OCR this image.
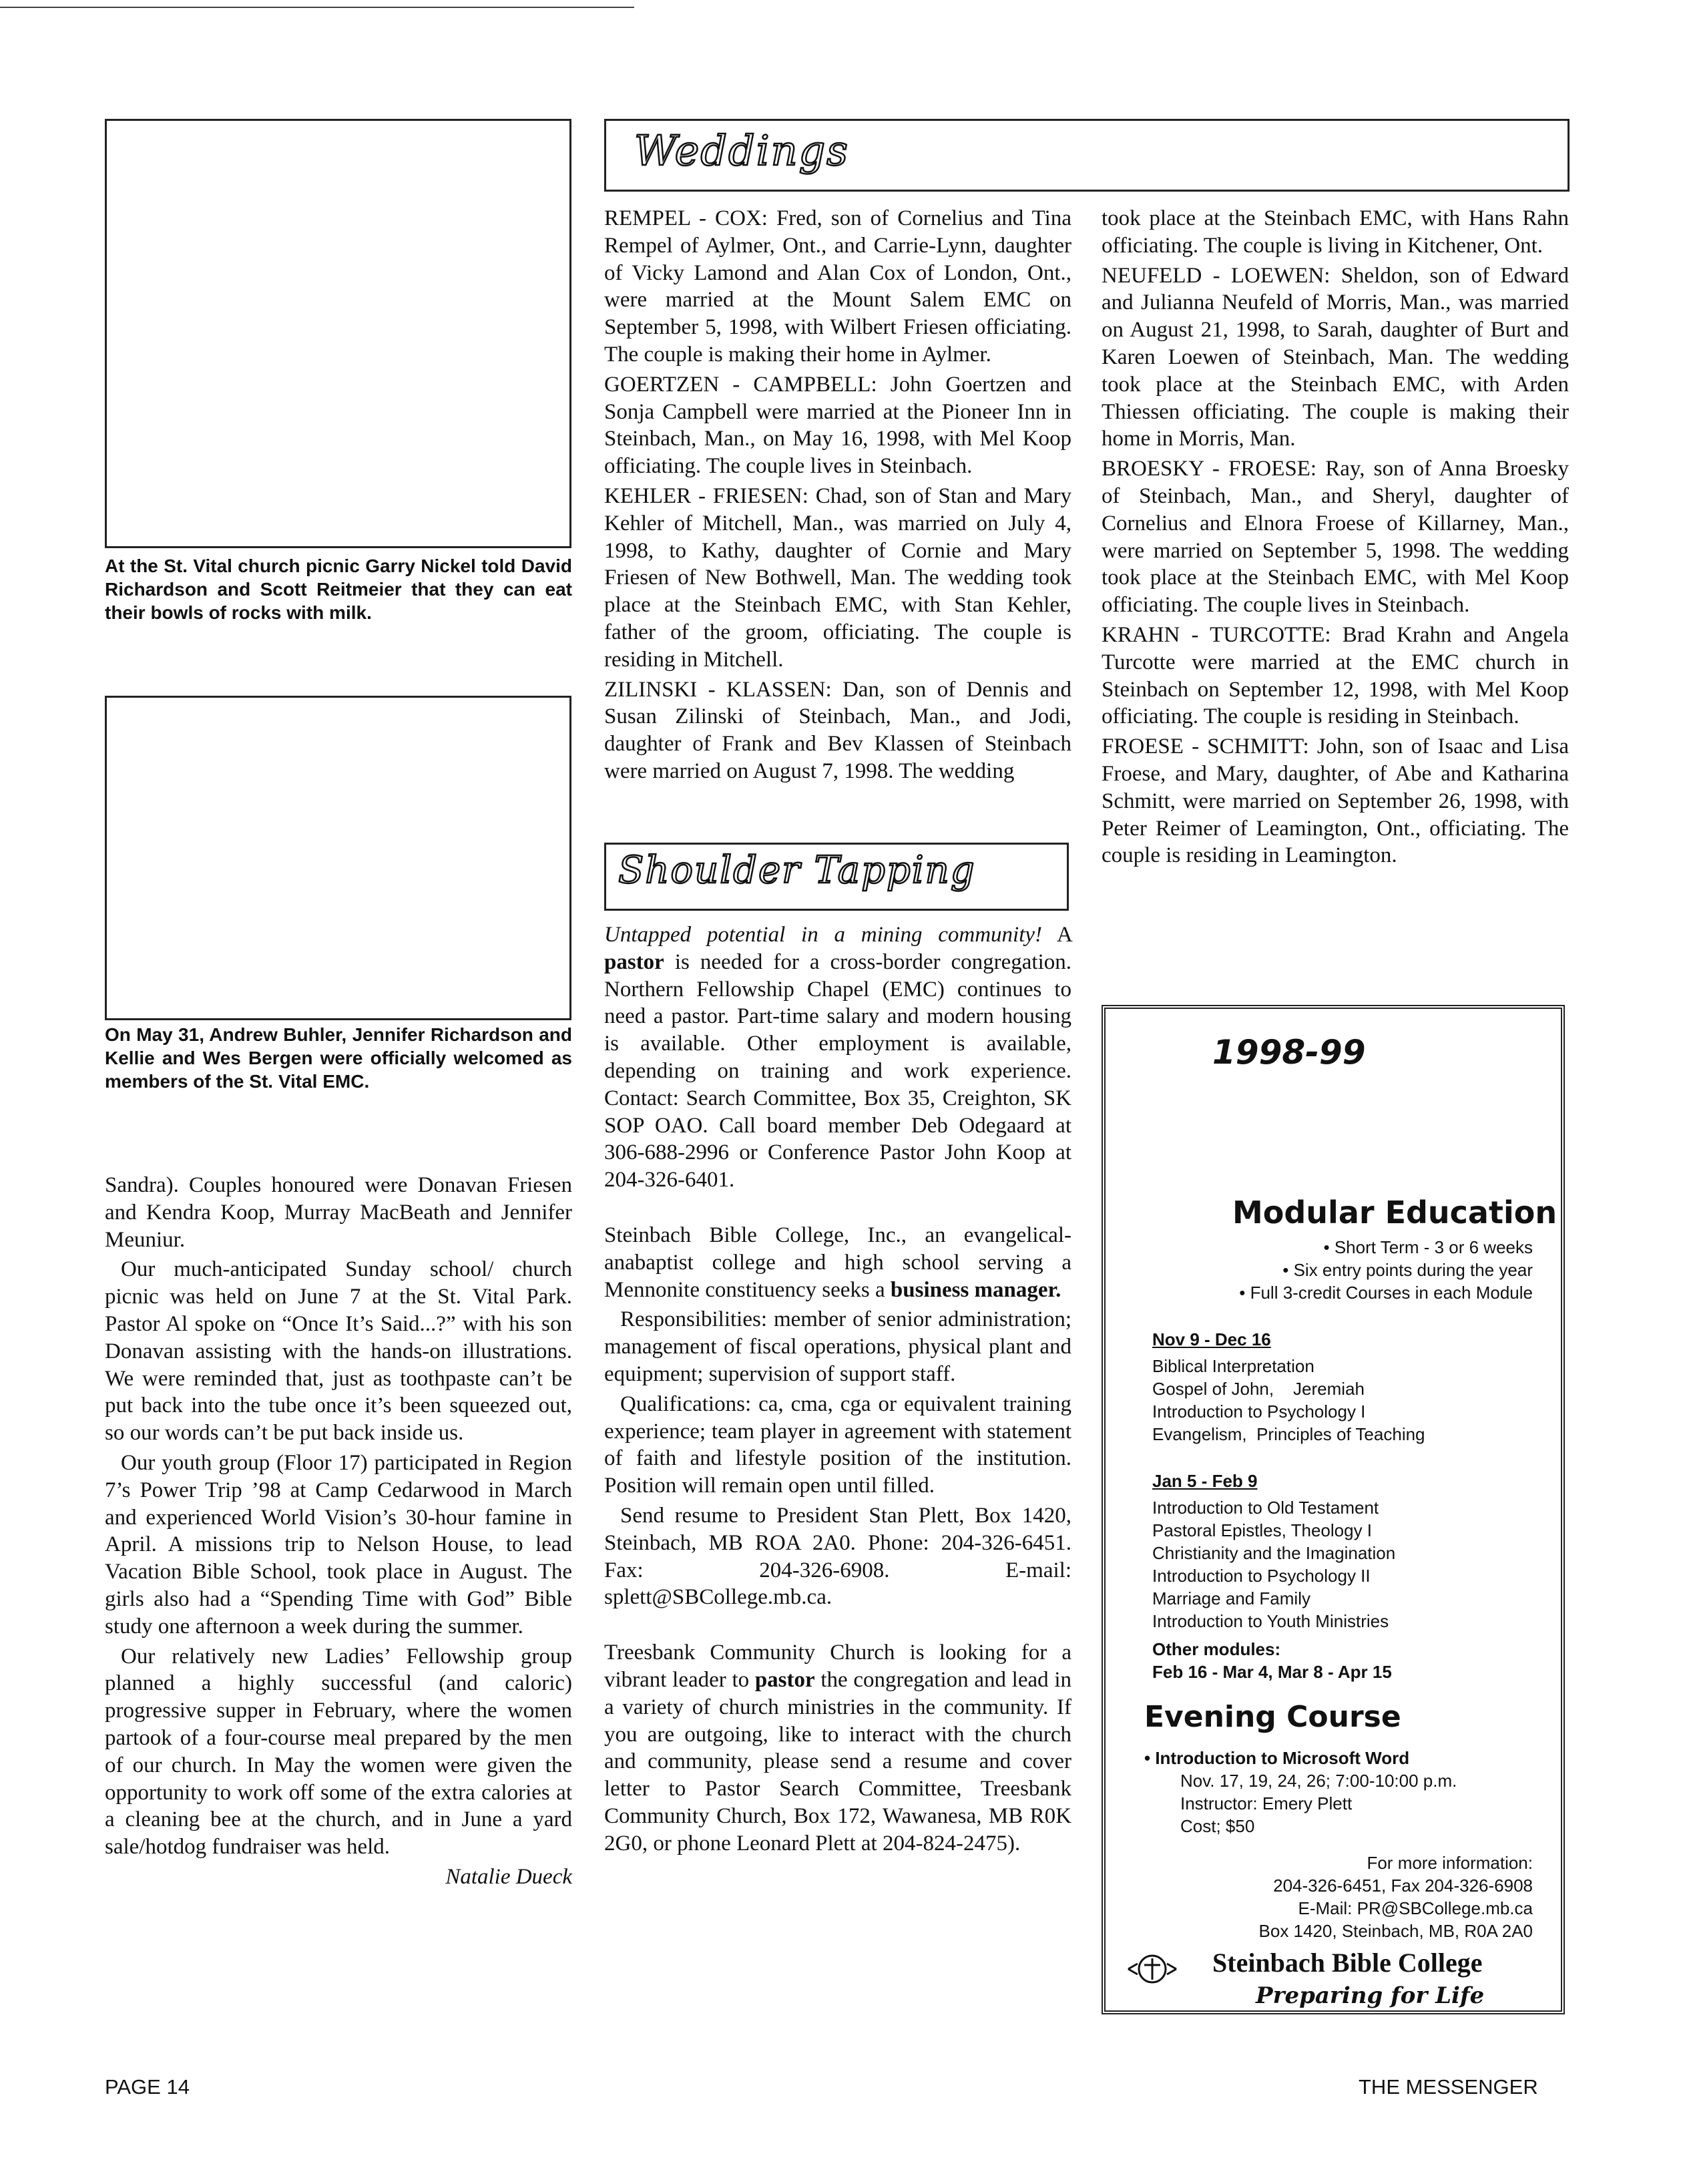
At the St. Vital church picnic Garry Nickel told David Richardson and Scott Reitmeier that they can eat their bowls of rocks with milk.
On May 31, Andrew Buhler, Jennifer Richardson and Kellie and Wes Bergen were officially welcomed as members of the St. Vital EMC.

Sandra). Couples honoured were Donavan Friesen and Kendra Koop, Murray MacBeath and Jennifer Meuniur.

Our much-anticipated Sunday school/ church picnic was held on June 7 at the St. Vital Park. Pastor Al spoke on “Once It’s Said...?” with his son Donavan assisting with the hands-on illustrations. We were reminded that, just as toothpaste can’t be put back into the tube once it’s been squeezed out, so our words can’t be put back inside us.

Our youth group (Floor 17) participated in Region 7’s Power Trip ’98 at Camp Cedarwood in March and experienced World Vision’s 30-hour famine in April. A missions trip to Nelson House, to lead Vacation Bible School, took place in August. The girls also had a “Spending Time with God” Bible study one afternoon a week during the summer.

Our relatively new Ladies’ Fellowship group planned a highly successful (and caloric) progressive supper in February, where the women partook of a four-course meal prepared by the men of our church. In May the women were given the opportunity to work off some of the extra calories at a cleaning bee at the church, and in June a yard sale/hotdog fundraiser was held.

Natalie Dueck
Weddings

REMPEL - COX: Fred, son of Cornelius and Tina Rempel of Aylmer, Ont., and Carrie-Lynn, daughter of Vicky Lamond and Alan Cox of London, Ont., were married at the Mount Salem EMC on September 5, 1998, with Wilbert Friesen officiating. The couple is making their home in Aylmer.

GOERTZEN - CAMPBELL: John Goertzen and Sonja Campbell were married at the Pioneer Inn in Steinbach, Man., on May 16, 1998, with Mel Koop officiating. The couple lives in Steinbach.

KEHLER - FRIESEN: Chad, son of Stan and Mary Kehler of Mitchell, Man., was married on July 4, 1998, to Kathy, daughter of Cornie and Mary Friesen of New Bothwell, Man. The wedding took place at the Steinbach EMC, with Stan Kehler, father of the groom, officiating. The couple is residing in Mitchell.

ZILINSKI - KLASSEN: Dan, son of Dennis and Susan Zilinski of Steinbach, Man., and Jodi, daughter of Frank and Bev Klassen of Steinbach were married on August 7, 1998. The wedding

took place at the Steinbach EMC, with Hans Rahn officiating. The couple is living in Kitchener, Ont.

NEUFELD - LOEWEN: Sheldon, son of Edward and Julianna Neufeld of Morris, Man., was married on August 21, 1998, to Sarah, daughter of Burt and Karen Loewen of Steinbach, Man. The wedding took place at the Steinbach EMC, with Arden Thiessen officiating. The couple is making their home in Morris, Man.

BROESKY - FROESE: Ray, son of Anna Broesky of Steinbach, Man., and Sheryl, daughter of Cornelius and Elnora Froese of Killarney, Man., were married on September 5, 1998. The wedding took place at the Steinbach EMC, with Mel Koop officiating. The couple lives in Steinbach.

KRAHN - TURCOTTE: Brad Krahn and Angela Turcotte were married at the EMC church in Steinbach on September 12, 1998, with Mel Koop officiating. The couple is residing in Steinbach.

FROESE - SCHMITT: John, son of Isaac and Lisa Froese, and Mary, daughter, of Abe and Katharina Schmitt, were married on September 26, 1998, with Peter Reimer of Leamington, Ont., officiating. The couple is residing in Leamington.

Shoulder Tapping

Untapped potential in a mining community! A pastor is needed for a cross-border congregation. Northern Fellowship Chapel (EMC) continues to need a pastor. Part-time salary and modern housing is available. Other employment is available, depending on training and work experience. Contact: Search Committee, Box 35, Creighton, SK SOP OAO. Call board member Deb Odegaard at 306-688-2996 or Conference Pastor John Koop at 204-326-6401.

Steinbach Bible College, Inc., an evangelical-anabaptist college and high school serving a Mennonite constituency seeks a business manager.

Responsibilities: member of senior administration; management of fiscal operations, physical plant and equipment; supervision of support staff.

Qualifications: ca, cma, cga or equivalent training experience; team player in agreement with statement of faith and lifestyle position of the institution. Position will remain open until filled.

Send resume to President Stan Plett, Box 1420, Steinbach, MB ROA 2A0. Phone: 204-326-6451. Fax: 204-326-6908. E-mail: splett@SBCollege.mb.ca.

Treesbank Community Church is looking for a vibrant leader to pastor the congregation and lead in a variety of church ministries in the community. If you are outgoing, like to interact with the church and community, please send a resume and cover letter to Pastor Search Committee, Treesbank Community Church, Box 172, Wawanesa, MB R0K 2G0, or phone Leonard Plett at 204-824-2475).

1998-99
Modular Education
• Short Term - 3 or 6 weeks
• Six entry points during the year
• Full 3-credit Courses in each Module
Nov 9 - Dec 16
Biblical Interpretation
Gospel of John,    Jeremiah
Introduction to Psychology I
Evangelism,  Principles of Teaching
Jan 5 - Feb 9
Introduction to Old Testament
Pastoral Epistles, Theology I
Christianity and the Imagination
Introduction to Psychology II
Marriage and Family
Introduction to Youth Ministries
Other modules:
Feb 16 - Mar 4, Mar 8 - Apr 15
Evening Course
• Introduction to Microsoft Word
Nov. 17, 19, 24, 26; 7:00-10:00 p.m.
Instructor: Emery Plett
Cost; $50
For more information:
204-326-6451, Fax 204-326-6908
E-Mail: PR@SBCollege.mb.ca
Box 1420, Steinbach, MB, R0A 2A0
Steinbach Bible College
Preparing for Life
PAGE 14	THE MESSENGER
